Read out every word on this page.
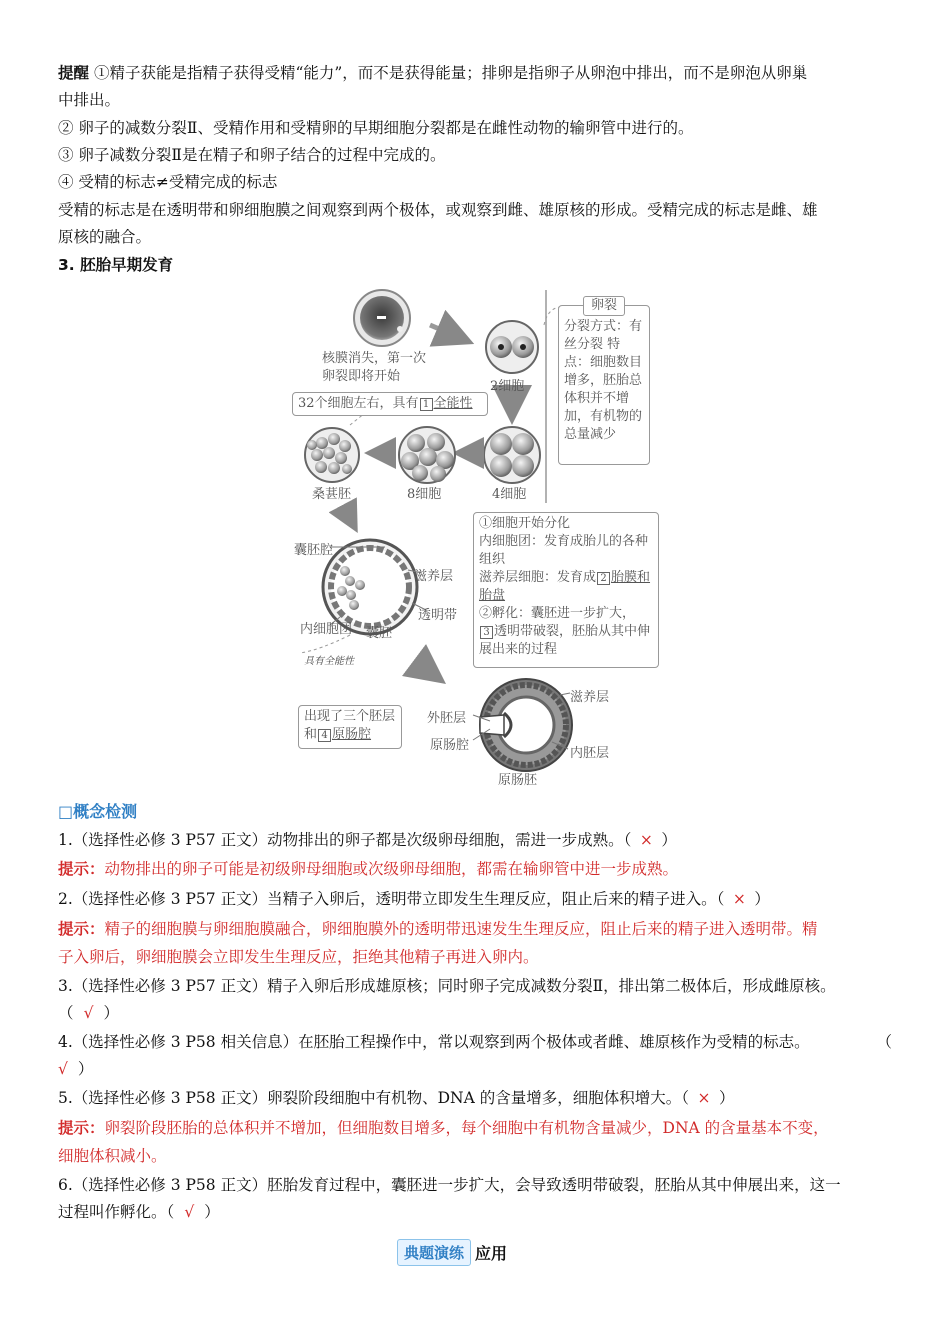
提醒 ①精子获能是指精子获得受精“能力”，而不是获得能量；排卵是指卵子从卵泡中排出，而不是卵泡从卵巢
中排出。
② 卵子的减数分裂Ⅱ、受精作用和受精卵的早期细胞分裂都是在雌性动物的输卵管中进行的。
③ 卵子减数分裂Ⅱ是在精子和卵子结合的过程中完成的。
④ 受精的标志≠受精完成的标志
受精的标志是在透明带和卵细胞膜之间观察到两个极体，或观察到雌、雄原核的形成。受精完成的标志是雌、雄
原核的融合。
3. 胚胎早期发育
核膜消失，第一次
卵裂即将开始
2细胞
4细胞
8细胞
桑葚胚
32个细胞左右，具有 1 全能性
卵裂
分裂方式：有丝分裂 特点：细胞数目增多，胚胎总体积并不增加，有机物的总量减少
囊胚腔
滋养层
透明带
内细胞团 囊胚
具有全能性
①细胞开始分化
内细胞团：发育成胎儿的各种组织
滋养层细胞：发育成 2 胎膜和胎盘
②孵化：囊胚进一步扩大，
3 透明带破裂，胚胎从其中伸展出来的过程
出现了三个胚层和 4 原肠腔
外胚层
原肠腔
滋养层
内胚层
原肠胚
□概念检测
1.（选择性必修 3 P57 正文）动物排出的卵子都是次级卵母细胞，需进一步成熟。（ × ）
提示：动物排出的卵子可能是初级卵母细胞或次级卵母细胞，都需在输卵管中进一步成熟。
2.（选择性必修 3 P57 正文）当精子入卵后，透明带立即发生生理反应，阻止后来的精子进入。（ × ）
提示：精子的细胞膜与卵细胞膜融合，卵细胞膜外的透明带迅速发生生理反应，阻止后来的精子进入透明带。精
子入卵后，卵细胞膜会立即发生生理反应，拒绝其他精子再进入卵内。
3.（选择性必修 3 P57 正文）精子入卵后形成雄原核；同时卵子完成减数分裂Ⅱ，排出第二极体后，形成雌原核。
（ √ ）
4.（选择性必修 3 P58 相关信息）在胚胎工程操作中，常以观察到两个极体或者雌、雄原核作为受精的标志。	（
√ ）
5.（选择性必修 3 P58 正文）卵裂阶段细胞中有机物、DNA 的含量增多，细胞体积增大。（ × ）
提示：卵裂阶段胚胎的总体积并不增加，但细胞数目增多，每个细胞中有机物含量减少，DNA 的含量基本不变，
细胞体积减小。
6.（选择性必修 3 P58 正文）胚胎发育过程中，囊胚进一步扩大，会导致透明带破裂，胚胎从其中伸展出来，这一
过程叫作孵化。（ √ ）
典题演练 应用
